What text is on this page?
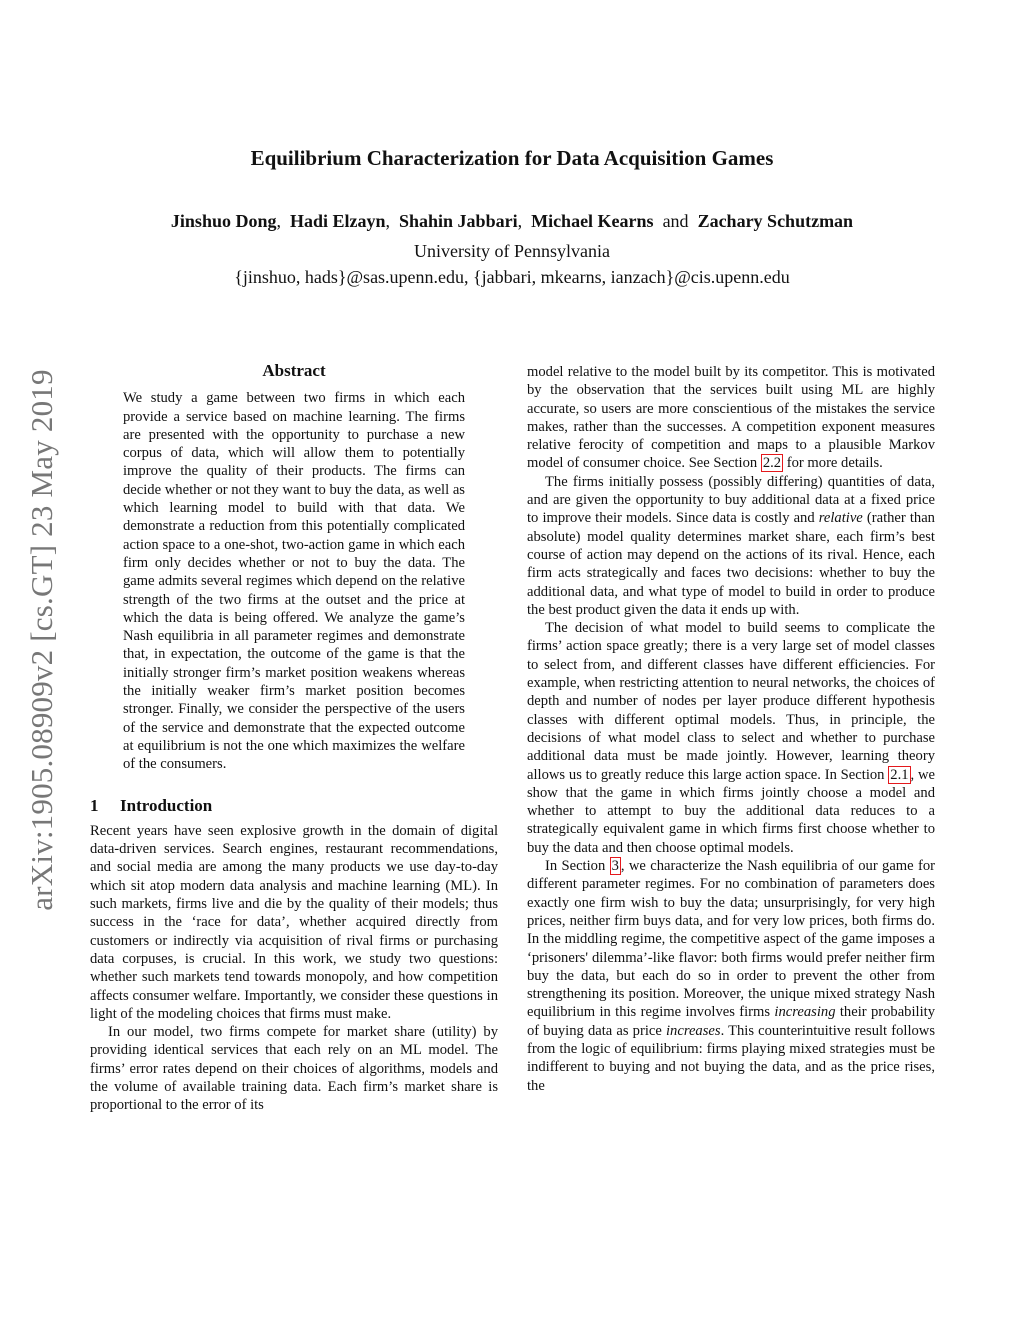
arXiv:1905.08909v2 [cs.GT] 23 May 2019
Equilibrium Characterization for Data Acquisition Games
Jinshuo Dong, Hadi Elzayn, Shahin Jabbari, Michael Kearns and Zachary Schutzman
University of Pennsylvania
{jinshuo, hads}@sas.upenn.edu, {jabbari, mkearns, ianzach}@cis.upenn.edu
Abstract

We study a game between two firms in which each provide a service based on machine learning. The firms are presented with the opportunity to purchase a new corpus of data, which will allow them to potentially improve the quality of their products. The firms can decide whether or not they want to buy the data, as well as which learning model to build with that data. We demonstrate a reduction from this potentially complicated action space to a one-shot, two-action game in which each firm only decides whether or not to buy the data. The game admits several regimes which depend on the relative strength of the two firms at the outset and the price at which the data is being offered. We analyze the game’s Nash equilibria in all parameter regimes and demonstrate that, in expectation, the outcome of the game is that the initially stronger firm’s market position weakens whereas the initially weaker firm’s market position becomes stronger. Finally, we consider the perspective of the users of the service and demonstrate that the expected outcome at equilibrium is not the one which maximizes the welfare of the consumers.

1 Introduction

Recent years have seen explosive growth in the domain of digital data-driven services. Search engines, restaurant recommendations, and social media are among the many products we use day-to-day which sit atop modern data analysis and machine learning (ML). In such markets, firms live and die by the quality of their models; thus success in the ‘race for data’, whether acquired directly from customers or indirectly via acquisition of rival firms or purchasing data corpuses, is crucial. In this work, we study two questions: whether such markets tend towards monopoly, and how competition affects consumer welfare. Importantly, we consider these questions in light of the modeling choices that firms must make.

In our model, two firms compete for market share (utility) by providing identical services that each rely on an ML model. The firms’ error rates depend on their choices of algorithms, models and the volume of available training data. Each firm’s market share is proportional to the error of its

model relative to the model built by its competitor. This is motivated by the observation that the services built using ML are highly accurate, so users are more conscientious of the mistakes the service makes, rather than the successes. A competition exponent measures relative ferocity of competition and maps to a plausible Markov model of consumer choice. See Section 2.2 for more details.

The firms initially possess (possibly differing) quantities of data, and are given the opportunity to buy additional data at a fixed price to improve their models. Since data is costly and relative (rather than absolute) model quality determines market share, each firm’s best course of action may depend on the actions of its rival. Hence, each firm acts strategically and faces two decisions: whether to buy the additional data, and what type of model to build in order to produce the best product given the data it ends up with.

The decision of what model to build seems to complicate the firms’ action space greatly; there is a very large set of model classes to select from, and different classes have different efficiencies. For example, when restricting attention to neural networks, the choices of depth and number of nodes per layer produce different hypothesis classes with different optimal models. Thus, in principle, the decisions of what model class to select and whether to purchase additional data must be made jointly. However, learning theory allows us to greatly reduce this large action space. In Section 2.1 , we show that the game in which firms jointly choose a model and whether to attempt to buy the additional data reduces to a strategically equivalent game in which firms first choose whether to buy the data and then choose optimal models.

In Section 3 , we characterize the Nash equilibria of our game for different parameter regimes. For no combination of parameters does exactly one firm wish to buy the data; unsurprisingly, for very high prices, neither firm buys data, and for very low prices, both firms do. In the middling regime, the competitive aspect of the game imposes a ‘prisoners' dilemma’-like flavor: both firms would prefer neither firm buy the data, but each do so in order to prevent the other from strengthening its position. Moreover, the unique mixed strategy Nash equilibrium in this regime involves firms increasing their probability of buying data as price increases. This counterintuitive result follows from the logic of equilibrium: firms playing mixed strategies must be indifferent to buying and not buying the data, and as the price rises, the
